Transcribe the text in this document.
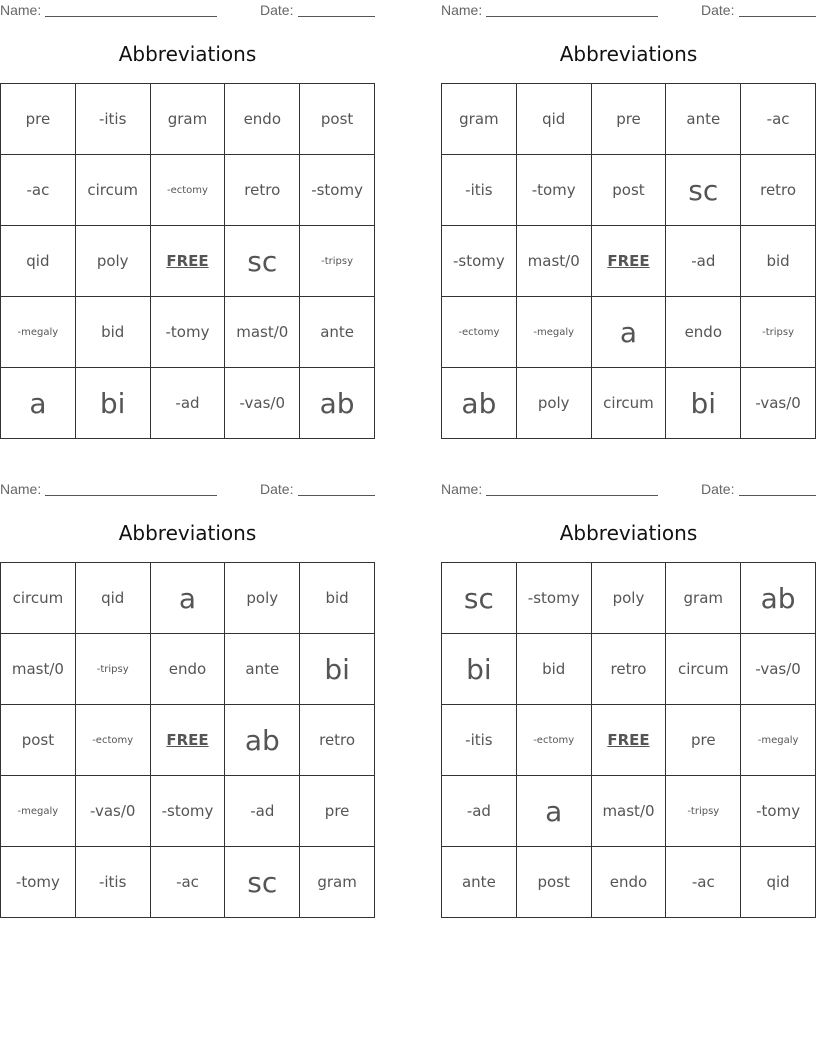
Name:	Date:
Abbreviations
pre	-itis	gram	endo	post
-ac	circum	-ectomy	retro	-stomy
qid	poly	FREE	sc	-tripsy
-megaly	bid	-tomy	mast/0	ante
a	bi	-ad	-vas/0	ab
Name:	Date:
Abbreviations
gram	qid	pre	ante	-ac
-itis	-tomy	post	sc	retro
-stomy	mast/0	FREE	-ad	bid
-ectomy	-megaly	a	endo	-tripsy
ab	poly	circum	bi	-vas/0
Name:	Date:
Abbreviations
circum	qid	a	poly	bid
mast/0	-tripsy	endo	ante	bi
post	-ectomy	FREE	ab	retro
-megaly	-vas/0	-stomy	-ad	pre
-tomy	-itis	-ac	sc	gram
Name:	Date:
Abbreviations
sc	-stomy	poly	gram	ab
bi	bid	retro	circum	-vas/0
-itis	-ectomy	FREE	pre	-megaly
-ad	a	mast/0	-tripsy	-tomy
ante	post	endo	-ac	qid
